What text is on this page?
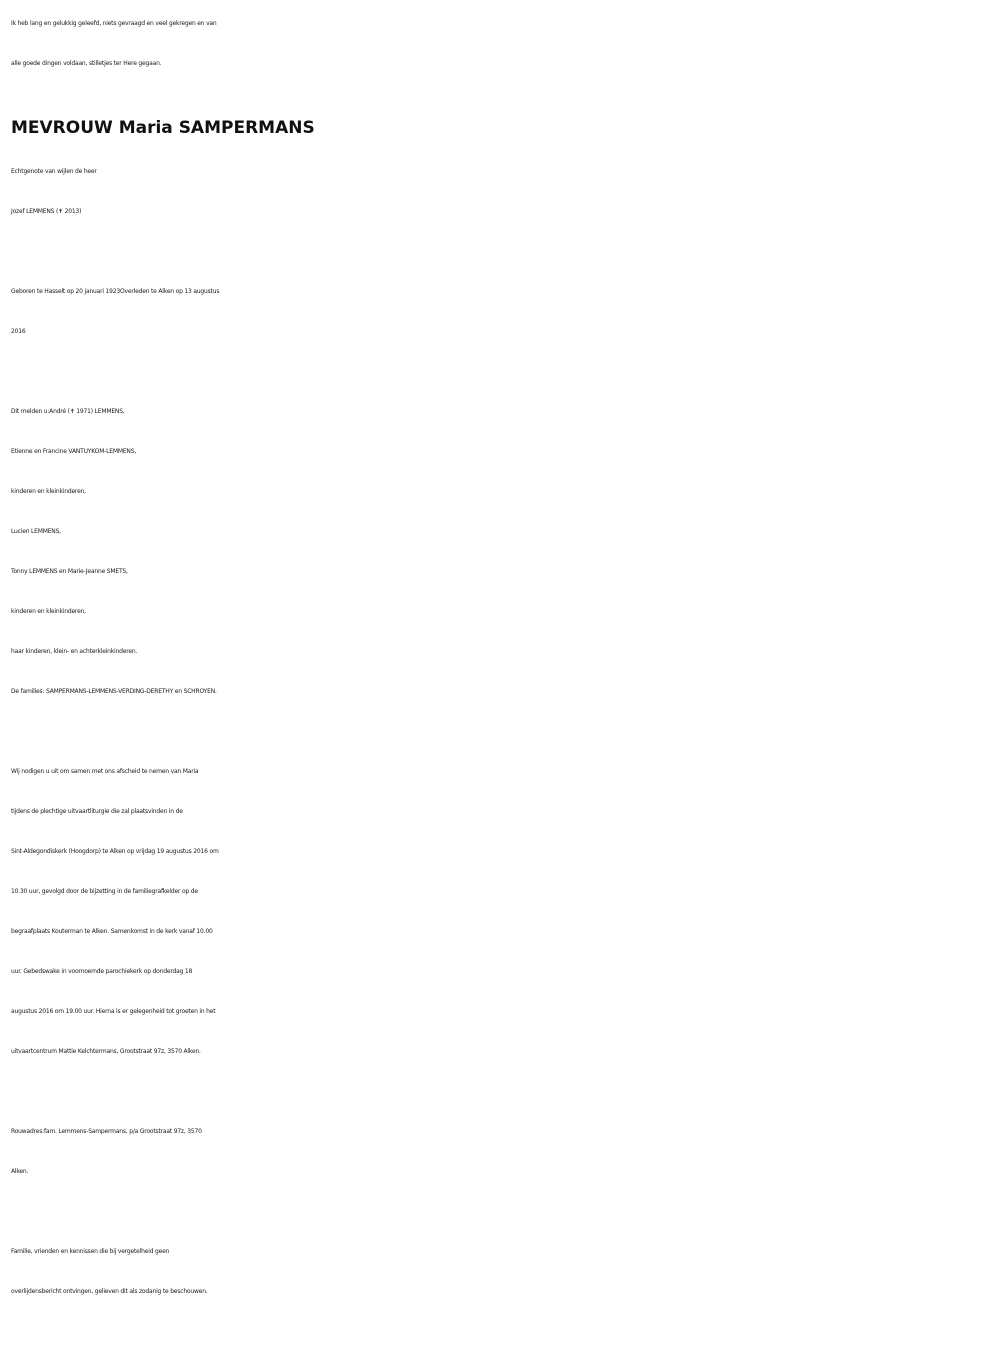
Ik heb lang en gelukkig geleefd, niets gevraagd en veel gekregen en van
alle goede dingen voldaan, stilletjes ter Here gegaan.
MEVROUW Maria SAMPERMANS
Echtgenote van wijlen de heer
Jozef LEMMENS (✝ 2013)
Geboren te Hasselt op 20 januari 1923Overleden te Alken op 13 augustus
2016
Dit melden u:André (✝ 1971) LEMMENS,
Etienne en Francine VANTUYKOM-LEMMENS,
kinderen en kleinkinderen,
Lucien LEMMENS,
Tonny LEMMENS en Marie-Jeanne SMETS,
kinderen en kleinkinderen,
haar kinderen, klein- en achterkleinkinderen.
De families: SAMPERMANS-LEMMENS-VERDING-DERETHY en SCHROYEN.
Wij nodigen u uit om samen met ons afscheid te nemen van Maria
tijdens de plechtige uitvaartliturgie die zal plaatsvinden in de
Sint-Aldegondiskerk (Hoogdorp) te Alken op vrijdag 19 augustus 2016 om
10.30 uur, gevolgd door de bijzetting in de familiegrafkelder op de
begraafplaats Kouterman te Alken. Samenkomst in de kerk vanaf 10.00
uur. Gebedswake in voornoemde parochiekerk op donderdag 18
augustus 2016 om 19.00 uur. Hierna is er gelegenheid tot groeten in het
uitvaartcentrum Mattie Kelchtermans, Grootstraat 97z, 3570 Alken.
Rouwadres:fam. Lemmens-Sampermans, p/a Grootstraat 97z, 3570
Alken.
Familie, vrienden en kennissen die bij vergetelheid geen
overlijdensbericht ontvingen, gelieven dit als zodanig te beschouwen.
